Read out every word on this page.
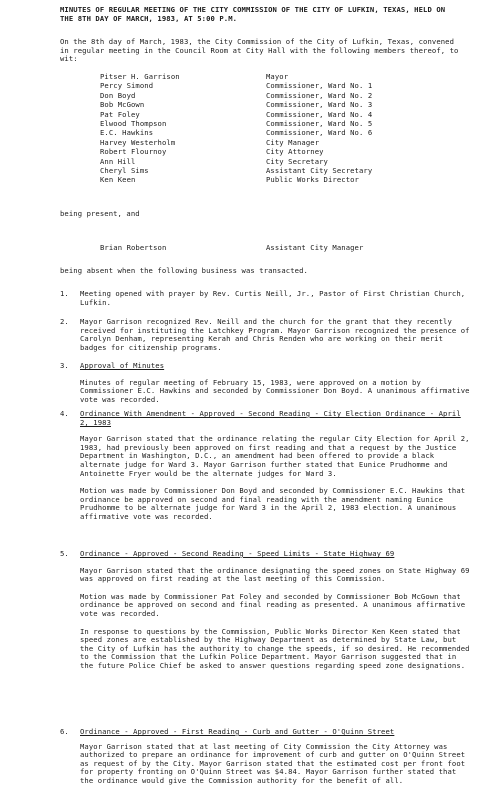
MINUTES OF REGULAR MEETING OF THE CITY COMMISSION OF THE CITY OF LUFKIN, TEXAS, HELD ON THE 8TH DAY OF MARCH, 1983, AT 5:00 P.M.
On the 8th day of March, 1983, the City Commission of the City of Lufkin, Texas, convened in regular meeting in the Council Room at City Hall with the following members thereof, to wit:
Pitser H. Garrison	Mayor
Percy Simond	Commissioner, Ward No. 1
Don Boyd	Commissioner, Ward No. 2
Bob McGown	Commissioner, Ward No. 3
Pat Foley	Commissioner, Ward No. 4
Elwood Thompson	Commissioner, Ward No. 5
E.C. Hawkins	Commissioner, Ward No. 6
Harvey Westerholm	City Manager
Robert Flournoy	City Attorney
Ann Hill	City Secretary
Cheryl Sims	Assistant City Secretary
Ken Keen	Public Works Director
being present, and
Brian Robertson	Assistant City Manager
being absent when the following business was transacted.
1.	Meeting opened with prayer by Rev. Curtis Neill, Jr., Pastor of First Christian Church, Lufkin.
2.	Mayor Garrison recognized Rev. Neill and the church for the grant that they recently received for instituting the Latchkey Program. Mayor Garrison recognized the presence of Carolyn Denham, representing Kerah and Chris Renden who are working on their merit badges for citizenship programs.
3.	Approval of Minutes
Minutes of regular meeting of February 15, 1983, were approved on a motion by Commissioner E.C. Hawkins and seconded by Commissioner Don Boyd. A unanimous affirmative vote was recorded.
4.	Ordinance With Amendment - Approved - Second Reading - City Election Ordinance - April 2, 1983
Mayor Garrison stated that the ordinance relating the regular City Election for April 2, 1983, had previously been approved on first reading and that a request by the Justice Department in Washington, D.C., an amendment had been offered to provide a black alternate judge for Ward 3. Mayor Garrison further stated that Eunice Prudhomme and Antoinette Fryer would be the alternate judges for Ward 3.
Motion was made by Commissioner Don Boyd and seconded by Commissioner E.C. Hawkins that ordinance be approved on second and final reading with the amendment naming Eunice Prudhomme to be alternate judge for Ward 3 in the April 2, 1983 election. A unanimous affirmative vote was recorded.
5.	Ordinance - Approved - Second Reading - Speed Limits - State Highway 69
Mayor Garrison stated that the ordinance designating the speed zones on State Highway 69 was approved on first reading at the last meeting of this Commission.
Motion was made by Commissioner Pat Foley and seconded by Commissioner Bob McGown that ordinance be approved on second and final reading as presented. A unanimous affirmative vote was recorded.
In response to questions by the Commission, Public Works Director Ken Keen stated that speed zones are established by the Highway Department as determined by State Law, but the City of Lufkin has the authority to change the speeds, if so desired. He recommended to the Commission that the Lufkin Police Department. Mayor Garrison suggested that in the future Police Chief be asked to answer questions regarding speed zone designations.
6.	Ordinance - Approved - First Reading - Curb and Gutter - O'Quinn Street
Mayor Garrison stated that at last meeting of City Commission the City Attorney was authorized to prepare an ordinance for improvement of curb and gutter on O'Quinn Street as request of by the City. Mayor Garrison stated that the estimated cost per front foot for property fronting on O'Quinn Street was $4.84. Mayor Garrison further stated that the ordinance would give the Commission authority for the benefit of all.
